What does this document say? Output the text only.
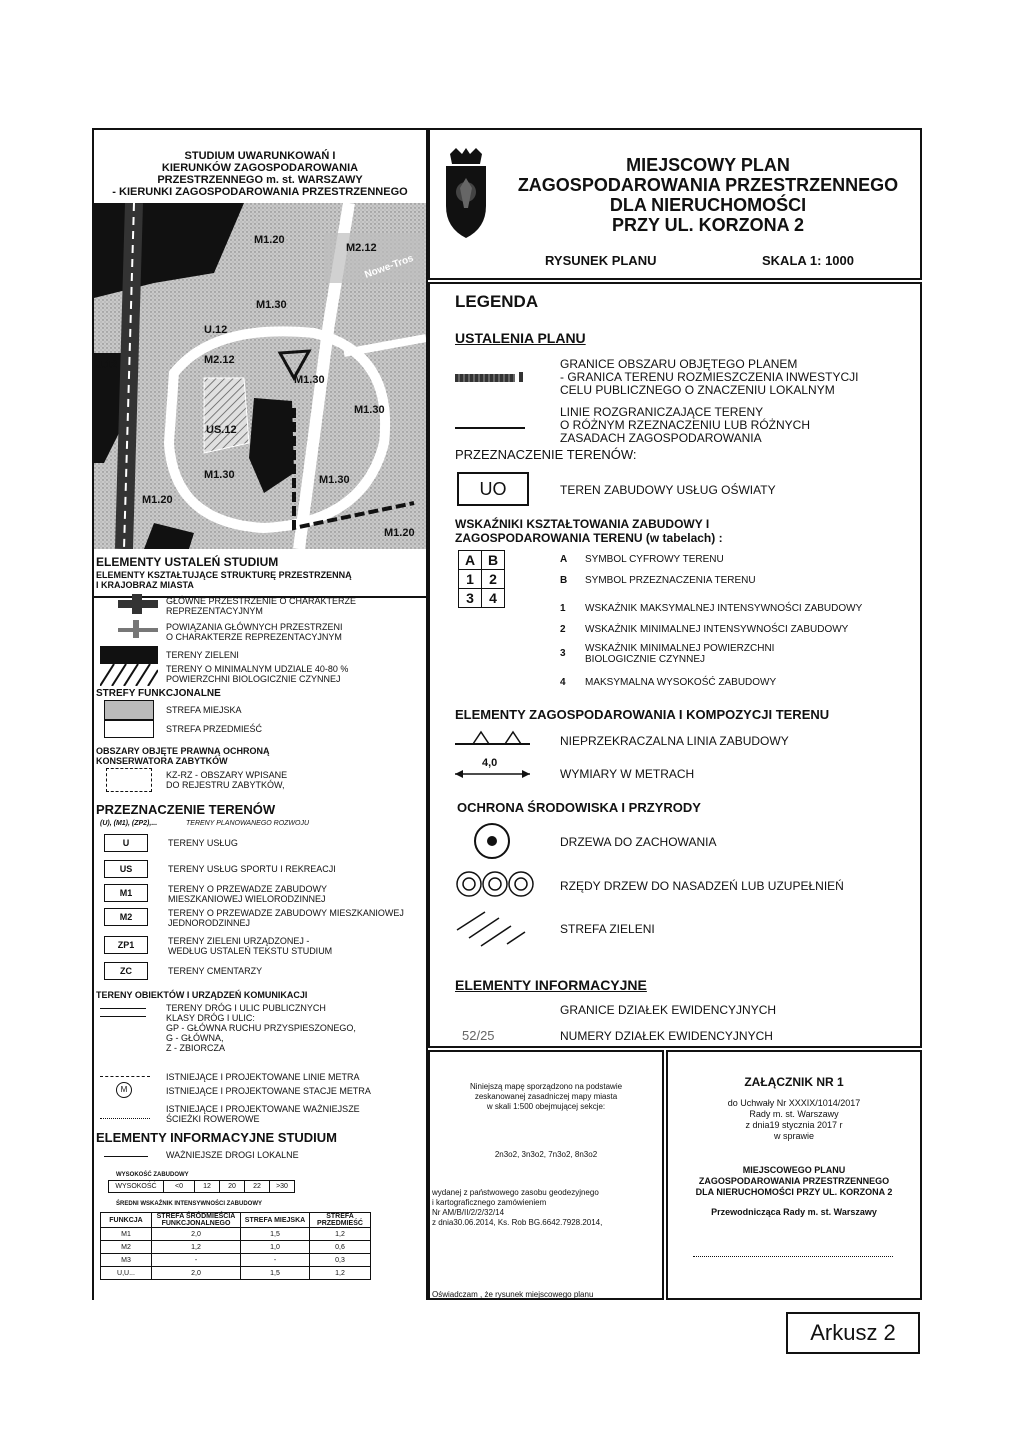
STUDIUM UWARUNKOWAŃ I
KIERUNKÓW ZAGOSPODAROWANIA
PRZESTRZENNEGO m. st. WARSZAWY
- KIERUNKI ZAGOSPODAROWANIA PRZESTRZENNEGO
M1.20
M2.12
M1.30
U.12
M2.12
M1.30
US.12
M1.30
M1.30	M1.30
M1.20
M1.20
J.12
Nowe-Tros
ELEMENTY USTALEŃ STUDIUM
ELEMENTY KSZTAŁTUJĄCE STRUKTURĘ PRZESTRZENNĄ
I KRAJOBRAZ MIASTA
GŁÓWNE PRZESTRZENIE O CHARAKTERZE
REPREZENTACYJNYM
POWIĄZANIA GŁÓWNYCH PRZESTRZENI
O CHARAKTERZE REPREZENTACYJNYM
TERENY ZIELENI
TERENY O MINIMALNYM UDZIALE 40-80 %
POWIERZCHNI BIOLOGICZNIE CZYNNEJ
STREFY FUNKCJONALNE
STREFA MIEJSKA
STREFA PRZEDMIEŚĆ
OBSZARY OBJĘTE PRAWNĄ OCHRONĄ
KONSERWATORA ZABYTKÓW
KZ-RZ - OBSZARY WPISANE
DO REJESTRU ZABYTKÓW,
PRZEZNACZENIE TERENÓW
(U), (M1), (ZP2),...	TERENY PLANOWANEGO ROZWOJU
U	TERENY USŁUG
US	TERENY USŁUG SPORTU I REKREACJI
M1	TERENY O PRZEWADZE ZABUDOWY
MIESZKANIOWEJ WIELORODZINNEJ
M2	TERENY O PRZEWADZE ZABUDOWY MIESZKANIOWEJ
JEDNORODZINNEJ
ZP1	TERENY ZIELENI URZĄDZONEJ -
WEDŁUG USTALEŃ TEKSTU STUDIUM
ZC	TERENY CMENTARZY
TERENY OBIEKTÓW I URZĄDZEŃ KOMUNIKACJI
TERENY DRÓG I ULIC PUBLICZNYCH
KLASY DRÓG I ULIC:
GP - GŁÓWNA RUCHU PRZYSPIESZONEGO,
G - GŁÓWNA,
Z - ZBIORCZA
ISTNIEJĄCE I PROJEKTOWANE LINIE METRA
M	ISTNIEJĄCE I PROJEKTOWANE STACJE METRA
ISTNIEJĄCE I PROJEKTOWANE WAŻNIEJSZE
ŚCIEŻKI ROWEROWE
ELEMENTY INFORMACYJNE STUDIUM
WAŻNIEJSZE DROGI LOKALNE
WYSOKOŚĆ ZABUDOWY
WYSOKOŚĆ	<0	12	20	22	>30
ŚREDNI WSKAŹNIK INTENSYWNOŚCI ZABUDOWY
FUNKCJA	STREFA ŚRÓDMIEŚCIA FUNKCJONALNEGO	STREFA MIEJSKA	STREFA PRZEDMIEŚĆ
M1	2,0	1,5	1,2
M2	1,2	1,0	0,6
M3	-	-	0,3
U,U...	2,0	1,5	1,2
MIEJSCOWY PLAN
ZAGOSPODAROWANIA PRZESTRZENNEGO
DLA NIERUCHOMOŚCI
PRZY UL. KORZONA 2
RYSUNEK PLANU	SKALA 1: 1000
LEGENDA
USTALENIA PLANU
GRANICE OBSZARU OBJĘTEGO PLANEM
- GRANICA TERENU ROZMIESZCZENIA INWESTYCJI
CELU PUBLICZNEGO O ZNACZENIU LOKALNYM
LINIE ROZGRANICZAJĄCE TERENY
O RÓŻNYM RZEZNACZENIU LUB RÓŻNYCH
ZASADACH ZAGOSPODAROWANIA
PRZEZNACZENIE TERENÓW:
UO	TEREN ZABUDOWY USŁUG OŚWIATY
WSKAŹNIKI KSZTAŁTOWANIA ZABUDOWY I
ZAGOSPODAROWANIA TERENU (w tabelach) :
A	B
1	2
3	4
A SYMBOL CYFROWY TERENU
B SYMBOL PRZEZNACZENIA TERENU
1 WSKAŹNIK MAKSYMALNEJ INTENSYWNOŚCI ZABUDOWY
2 WSKAŹNIK MINIMALNEJ INTENSYWNOŚCI ZABUDOWY
3 WSKAŹNIK MINIMALNEJ POWIERZCHNI
BIOLOGICZNIE CZYNNEJ
4 MAKSYMALNA WYSOKOŚĆ ZABUDOWY
ELEMENTY ZAGOSPODAROWANIA I KOMPOZYCJI TERENU
NIEPRZEKRACZALNA LINIA ZABUDOWY
4,0
WYMIARY W METRACH
OCHRONA ŚRODOWISKA I PRZYRODY
DRZEWA DO ZACHOWANIA
RZĘDY DRZEW DO NASADZEŃ LUB UZUPEŁNIEŃ
STREFA ZIELENI
ELEMENTY INFORMACYJNE
GRANICE DZIAŁEK EWIDENCYJNYCH
52/25	NUMERY DZIAŁEK EWIDENCYJNYCH
Niniejszą mapę sporządzono na podstawie
zeskanowanej zasadniczej mapy miasta
w skali 1:500 obejmującej sekcje:
2n3o2, 3n3o2, 7n3o2, 8n3o2
wydanej z państwowego zasobu geodezyjnego
i kartograficznego zamówieniem
Nr AM/B/II/2/2/32/14
z dnia30.06.2014, Ks. Rob BG.6642.7928.2014,
Oświadczam , że rysunek miejscowego planu
ZAŁĄCZNIK NR 1
do Uchwały Nr XXXIX/1014/2017
Rady m. st. Warszawy
z dnia19 stycznia 2017 r
w sprawie
MIEJSCOWEGO PLANU
ZAGOSPODAROWANIA PRZESTRZENNEGO
DLA NIERUCHOMOŚCI PRZY UL. KORZONA 2
Przewodnicząca Rady m. st. Warszawy
Arkusz 2
